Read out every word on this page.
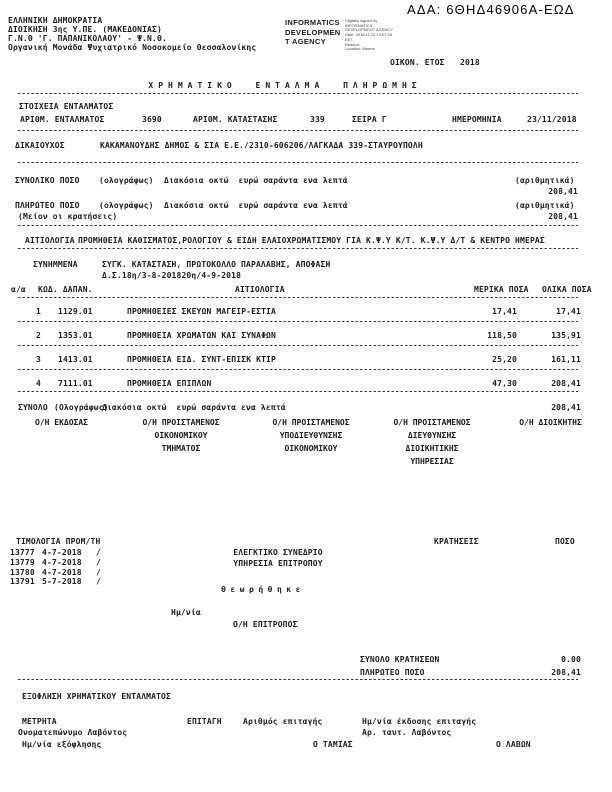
ΑΔΑ: 6ΘΗΔ46906Α-ΕΩΔ
ΕΛΛΗΝΙΚΗ ΔΗΜΟΚΡΑΤΙΑ
ΔΙΟΙΚΗΣΗ 3ης Υ.ΠΕ. (ΜΑΚΕΔΟΝΙΑΣ)
Γ.Ν.Θ 'Γ. ΠΑΠΑΝΙΚΟΛΑΟΥ' - Ψ.Ν.Θ.
Οργανική Μονάδα Ψυχιατρικό Νοσοκομείο Θεσσαλονίκης
INFORMATICS
DEVELOPMEN
T AGENCY
Digitally signed by
INFORMATICS
DEVELOPMENT AGENCY
Date: 2018.11.23 13:07:26
EET
Reason:
Location: Athens
ΟΙΚΟΝ. ΕΤΟΣ 2018
ΧΡΗΜΑΤΙΚΟ ΕΝΤΑΛΜΑ ΠΛΗΡΩΜΗΣ
ΣΤΟΙΧΕΙΑ ΕΝΤΑΛΜΑΤΟΣ
ΑΡΙΘΜ. ΕΝΤΑΛΜΑΤΟΣ	3690	ΑΡΙΘΜ. ΚΑΤΑΣΤΑΣΗΣ	339	ΣΕΙΡΑ Γ	ΗΜΕΡΟΜΗΝΙΑ	23/11/2018
ΔΙΚΑΙΟΥΧΟΣ	ΚΑΚΑΜΑΝΟΥΔΗΣ ΔΗΜΟΣ & ΣΙΑ Ε.Ε./2310-606206/ΛΑΓΚΑΔΑ 339-ΣΤΑΥΡΟΥΠΟΛΗ
ΣΥΝΟΛΙΚΟ ΠΟΣΟ (ολογράφως) Διακόσια οκτώ  ευρώ σαράντα ενα λεπτά	(αριθμητικά)
208,41
ΠΛΗΡΩΤΕΟ ΠΟΣΟ (ολογράφως) Διακόσια οκτώ  ευρώ σαράντα ενα λεπτά	(αριθμητικά)
(Μείον οι κρατήσεις)	208,41
ΑΙΤΙΟΛΟΓΙΑ ΠΡΟΜΗΘΕΙΑ ΚΑΘΙΣΜΑΤΟΣ,ΡΟΛΟΓΙΟΥ & ΕΙΔΗ ΕΛΑΙΟΧΡΩΜΑΤΙΣΜΟΥ ΓΙΑ Κ.Ψ.Υ Κ/Τ. Κ.Ψ.Υ Δ/Τ & ΚΕΝΤΡΟ ΗΜΕΡΑΣ
ΣΥΝΗΜΜΕΝΑ	ΣΥΓΚ. ΚΑΤΑΣΤΑΣΗ, ΠΡΩΤΟΚΟΛΛΟ ΠΑΡΑΛΑΒΗΣ, ΑΠΟΦΑΣΗ
Δ.Σ.18η/3-8-201820η/4-9-2018
α/α ΚΩΔ. ΔΑΠΑΝ.	ΑΙΤΙΟΛΟΓΙΑ	ΜΕΡΙΚΑ ΠΟΣΑ ΟΛΙΚΑ ΠΟΣΑ
1 1129.01	ΠΡΟΜΗΘΕΙΕΣ ΣΚΕΥΩΝ ΜΑΓΕΙΡ-ΕΣΤΙΑ	17,41	17,41
2 1353.01	ΠΡΟΜΗΘΕΙΑ ΧΡΩΜΑΤΩΝ ΚΑΙ ΣΥΝΑΦΩΝ	118,50	135,91
3 1413.01	ΠΡΟΜΗΘΕΙΑ ΕΙΔ. ΣΥΝΤ-ΕΠΙΣΚ ΚΤΙΡ	25,20	161,11
4 7111.01	ΠΡΟΜΗΘΕΙΑ ΕΠΙΠΛΩΝ	47,30	208,41
ΣΥΝΟΛΟ (Ολογράφως)
Διακόσια οκτώ  ευρώ σαράντα ενα λεπτά	208,41
Ο/Η ΕΚΔΟΣΑΣ	Ο/Η ΠΡΟΙΣΤΑΜΕΝΟΣ
ΟΙΚΟΝΟΜΙΚΟΥ
ΤΜΗΜΑΤΟΣ
Ο/Η ΠΡΟΙΣΤΑΜΕΝΟΣ
ΥΠΟΔΙΕΥΘΥΝΣΗΣ
ΟΙΚΟΝΟΜΙΚΟΥ
Ο/Η ΠΡΟΙΣΤΑΜΕΝΟΣ
ΔΙΕΥΘΥΝΣΗΣ
ΔΙΟΙΚΗΤΙΚΗΣ
ΥΠΗΡΕΣΙΑΣ
Ο/Η ΔΙΟΙΚΗΤΗΣ
ΤΙΜΟΛΟΓΙΑ ΠΡΟΜ/ΤΗ	ΚΡΑΤΗΣΕΙΣ	ΠΟΣΟ
13777 4-7-2018 /
13779 4-7-2018 /
13780 4-7-2018 /
13791 5-7-2018 /
ΕΛΕΓΚΤΙΚΟ ΣΥΝΕΔΡΙΟ
ΥΠΗΡΕΣΙΑ ΕΠΙΤΡΟΠΟΥ
θεωρήθηκε
Ημ/νία
Ο/Η ΕΠΙΤΡΟΠΟΣ
ΣΥΝΟΛΟ ΚΡΑΤΗΣΕΩΝ	0.00
ΠΛΗΡΩΤΕΟ ΠΟΣΟ	208,41
ΕΞΟΦΛΗΣΗ ΧΡΗΜΑΤΙΚΟΥ ΕΝΤΑΛΜΑΤΟΣ
ΜΕΤΡΗΤΑ	ΕΠΙΤΑΓΗ	Αριθμός επιταγής	Ημ/νία έκδοσης επιταγής
Ονοματεπώνυμο Λαβόντος	Αρ. ταυτ. Λαβόντος
Ημ/νία εξόφλησης	Ο ΤΑΜΙΑΣ	Ο ΛΑΒΩΝ
